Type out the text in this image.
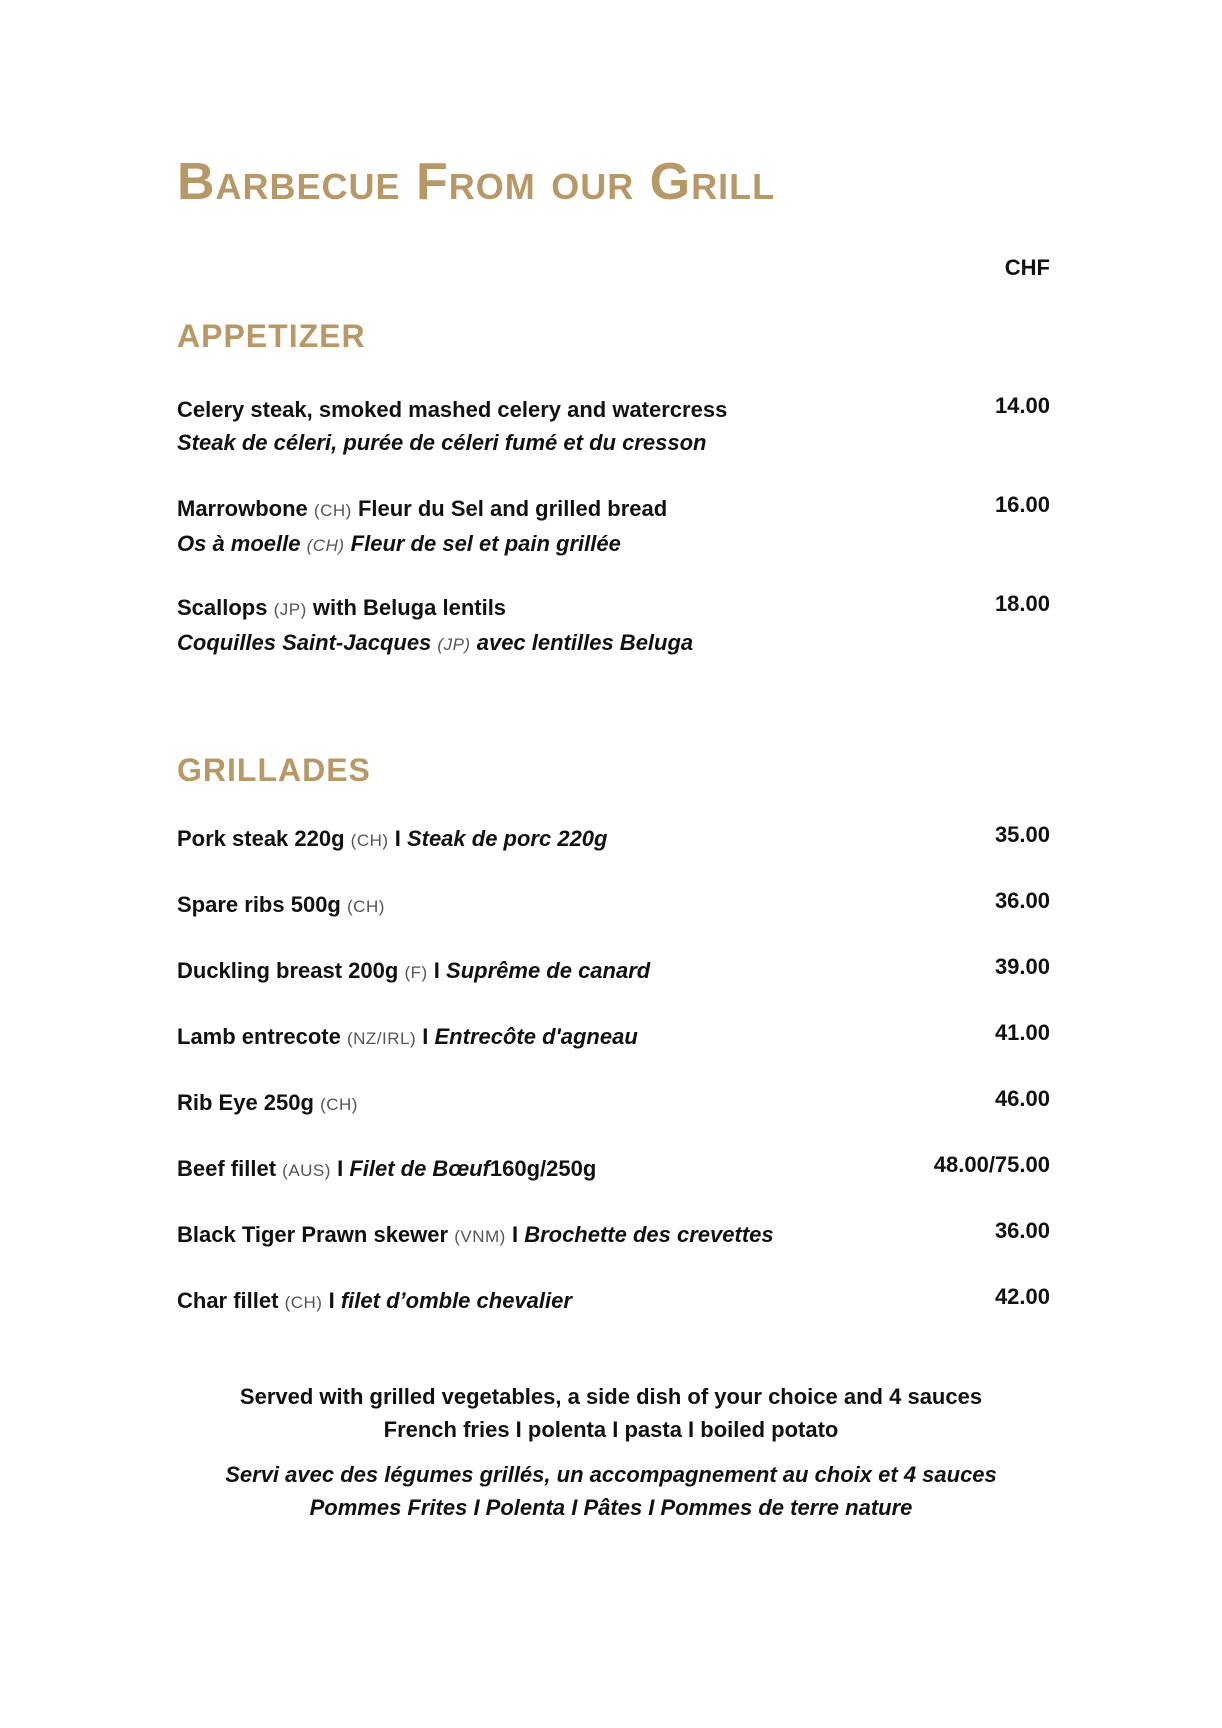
Barbecue From our Grill
CHF
APPETIZER
Celery steak, smoked mashed celery and watercress
Steak de céleri, purée de céleri fumé et du cresson
14.00
Marrowbone (CH) Fleur du Sel and grilled bread
Os à moelle (CH) Fleur de sel et pain grillée
16.00
Scallops (JP) with Beluga lentils
Coquilles Saint-Jacques (JP) avec lentilles Beluga
18.00
GRILLADES
Pork steak 220g (CH) I Steak de porc 220g	35.00
Spare ribs 500g (CH)	36.00
Duckling breast 200g (F) I Suprême de canard	39.00
Lamb entrecote (NZ/IRL) I Entrecôte d'agneau	41.00
Rib Eye 250g (CH)	46.00
Beef fillet (AUS) I Filet de Bœuf160g/250g	48.00/75.00
Black Tiger Prawn skewer (VNM) I Brochette des crevettes	36.00
Char fillet (CH) I filet d’omble chevalier	42.00
Served with grilled vegetables, a side dish of your choice and 4 sauces
French fries I polenta I pasta I boiled potato
Servi avec des légumes grillés, un accompagnement au choix et 4 sauces
Pommes Frites I Polenta I Pâtes I Pommes de terre nature
